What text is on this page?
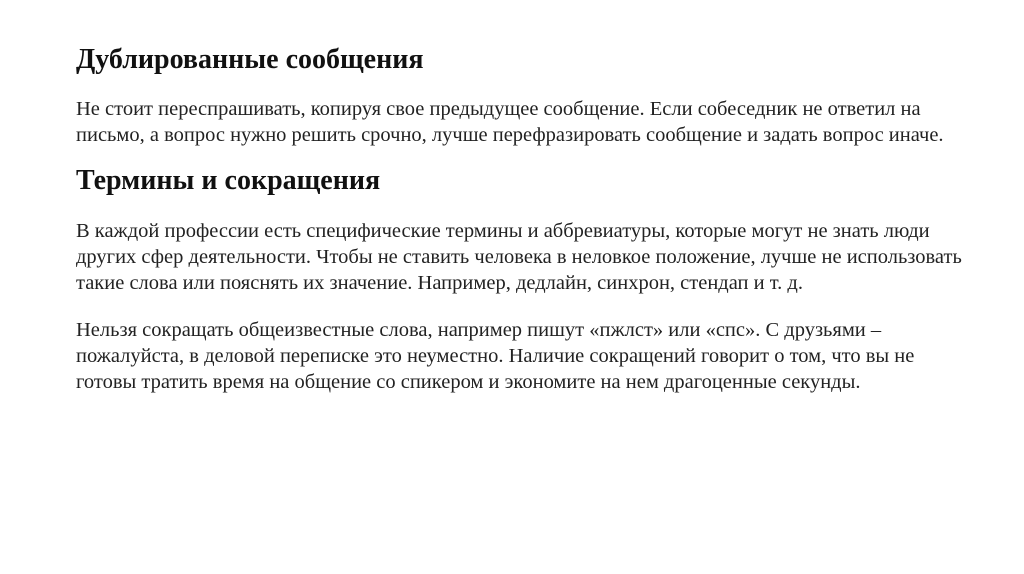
Дублированные сообщения

Не стоит переспрашивать, копируя свое предыдущее сообщение. Если собеседник не ответил на письмо, а вопрос нужно решить срочно, лучше перефразировать сообщение и задать вопрос иначе.

Термины и сокращения

В каждой профессии есть специфические термины и аббревиатуры, которые могут не знать люди других сфер деятельности. Чтобы не ставить человека в неловкое положение, лучше не использовать такие слова или пояснять их значение. Например, дедлайн, синхрон, стендап и т. д.

Нельзя сокращать общеизвестные слова, например пишут «пжлст» или «спс». С друзьями – пожалуйста, в деловой переписке это неуместно. Наличие сокращений говорит о том, что вы не готовы тратить время на общение со спикером и экономите на нем драгоценные секунды.
